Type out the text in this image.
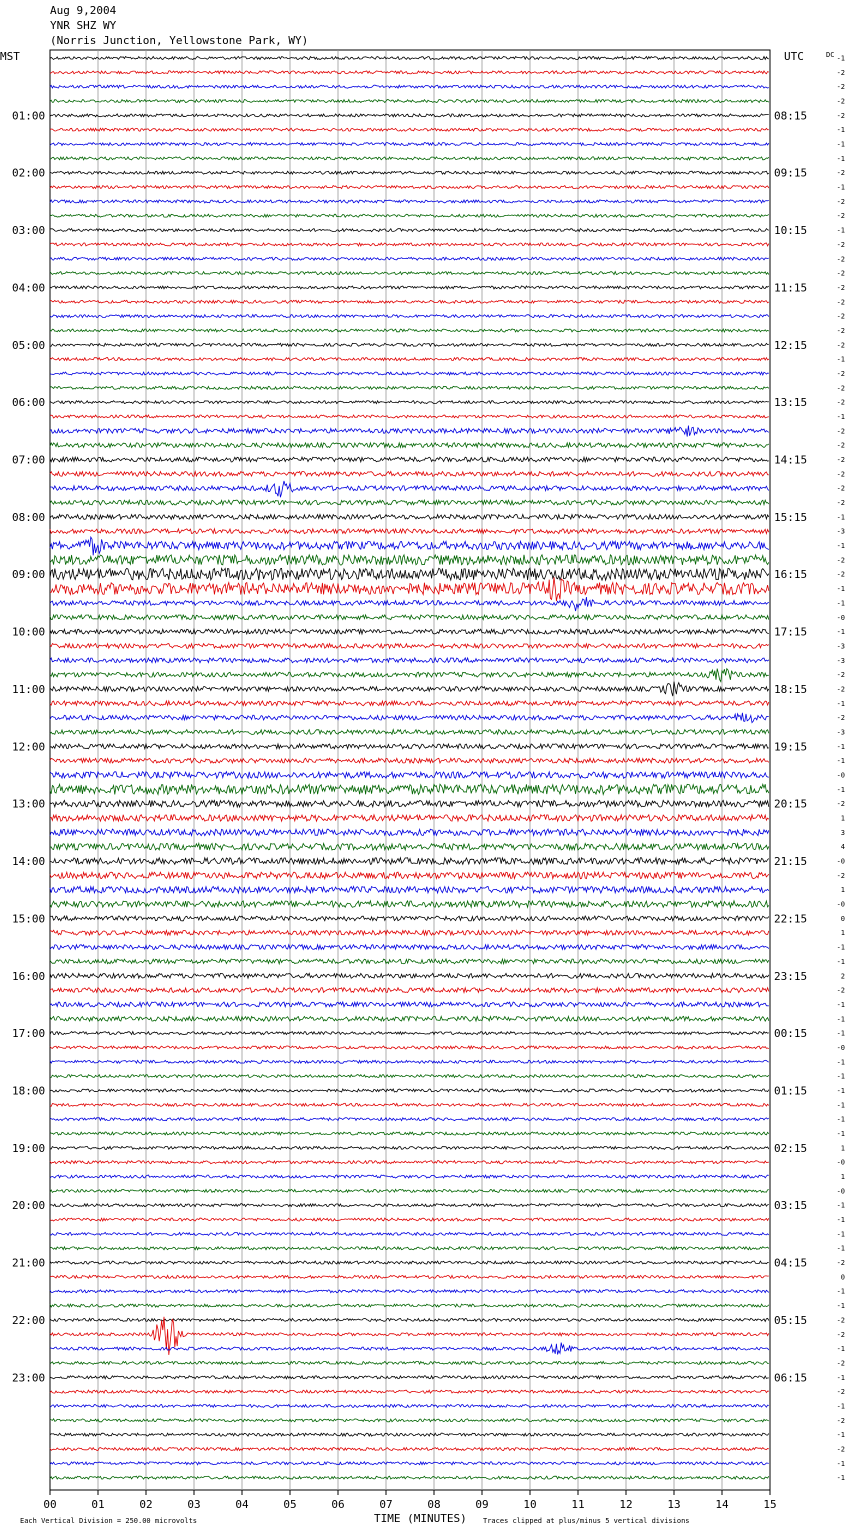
Aug 9,2004
YNR SHZ WY
(Norris Junction, Yellowstone Park, WY)
MST	UTC	DC
TIME (MINUTES)
Each Vertical Division = 250.00 microvolts	Traces clipped at plus/minus 5 vertical divisions
01:00
02:00
03:00
04:00
05:00
06:00
07:00
08:00
09:00
10:00
11:00
12:00
13:00
14:00
15:00
16:00
17:00
18:00
19:00
20:00
21:00
22:00
23:00
08:15
09:15
10:15
11:15
12:15
13:15
14:15
15:15
16:15
17:15
18:15
19:15
20:15
21:15
22:15
23:15
00:15
01:15
02:15
03:15
04:15
05:15
06:15
-1
-2
-2
-2
-2
-1
-1
-1
-2
-1
-2
-2
-1
-2
-2
-2
-2
-2
-2
-2
-2
-1
-2
-2
-2
-1
-2
-2
-2
-2
-2
-2
-1
-3
-1
-2
-2
-1
-1
-0
-1
-3
-3
-2
-2
-1
-2
-3
-1
-1
-0
-1
-2
1
3
4
-0
-2
1
-0
0
1
-1
-1
2
-2
-1
-1
-1
-0
-1
-1
-1
-1
-1
-1
1
-0
1
-0
-1
-1
-1
-1
-2
0
-1
-1
-2
-2
-1
-2
-1
-2
-1
-2
-1
-2
-1
-1
00	01	02	03	04	05	06	07	08	09	10	11	12	13	14	15
